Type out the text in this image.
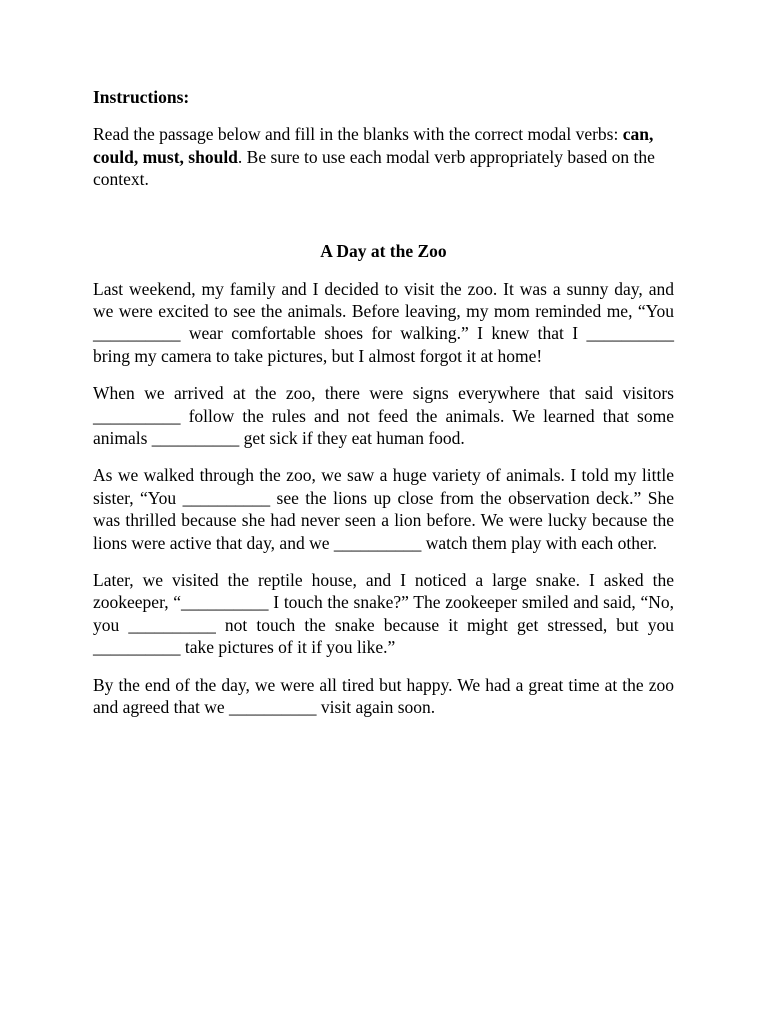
Instructions:

Read the passage below and fill in the blanks with the correct modal verbs: can, could, must, should. Be sure to use each modal verb appropriately based on the context.

A Day at the Zoo

Last weekend, my family and I decided to visit the zoo. It was a sunny day, and we were excited to see the animals. Before leaving, my mom reminded me, “You __________ wear comfortable shoes for walking.” I knew that I __________ bring my camera to take pictures, but I almost forgot it at home!

When we arrived at the zoo, there were signs everywhere that said visitors __________ follow the rules and not feed the animals. We learned that some animals __________ get sick if they eat human food.

As we walked through the zoo, we saw a huge variety of animals. I told my little sister, “You __________ see the lions up close from the observation deck.” She was thrilled because she had never seen a lion before. We were lucky because the lions were active that day, and we __________ watch them play with each other.

Later, we visited the reptile house, and I noticed a large snake. I asked the zookeeper, “__________ I touch the snake?” The zookeeper smiled and said, “No, you __________ not touch the snake because it might get stressed, but you __________ take pictures of it if you like.”

By the end of the day, we were all tired but happy. We had a great time at the zoo and agreed that we __________ visit again soon.
